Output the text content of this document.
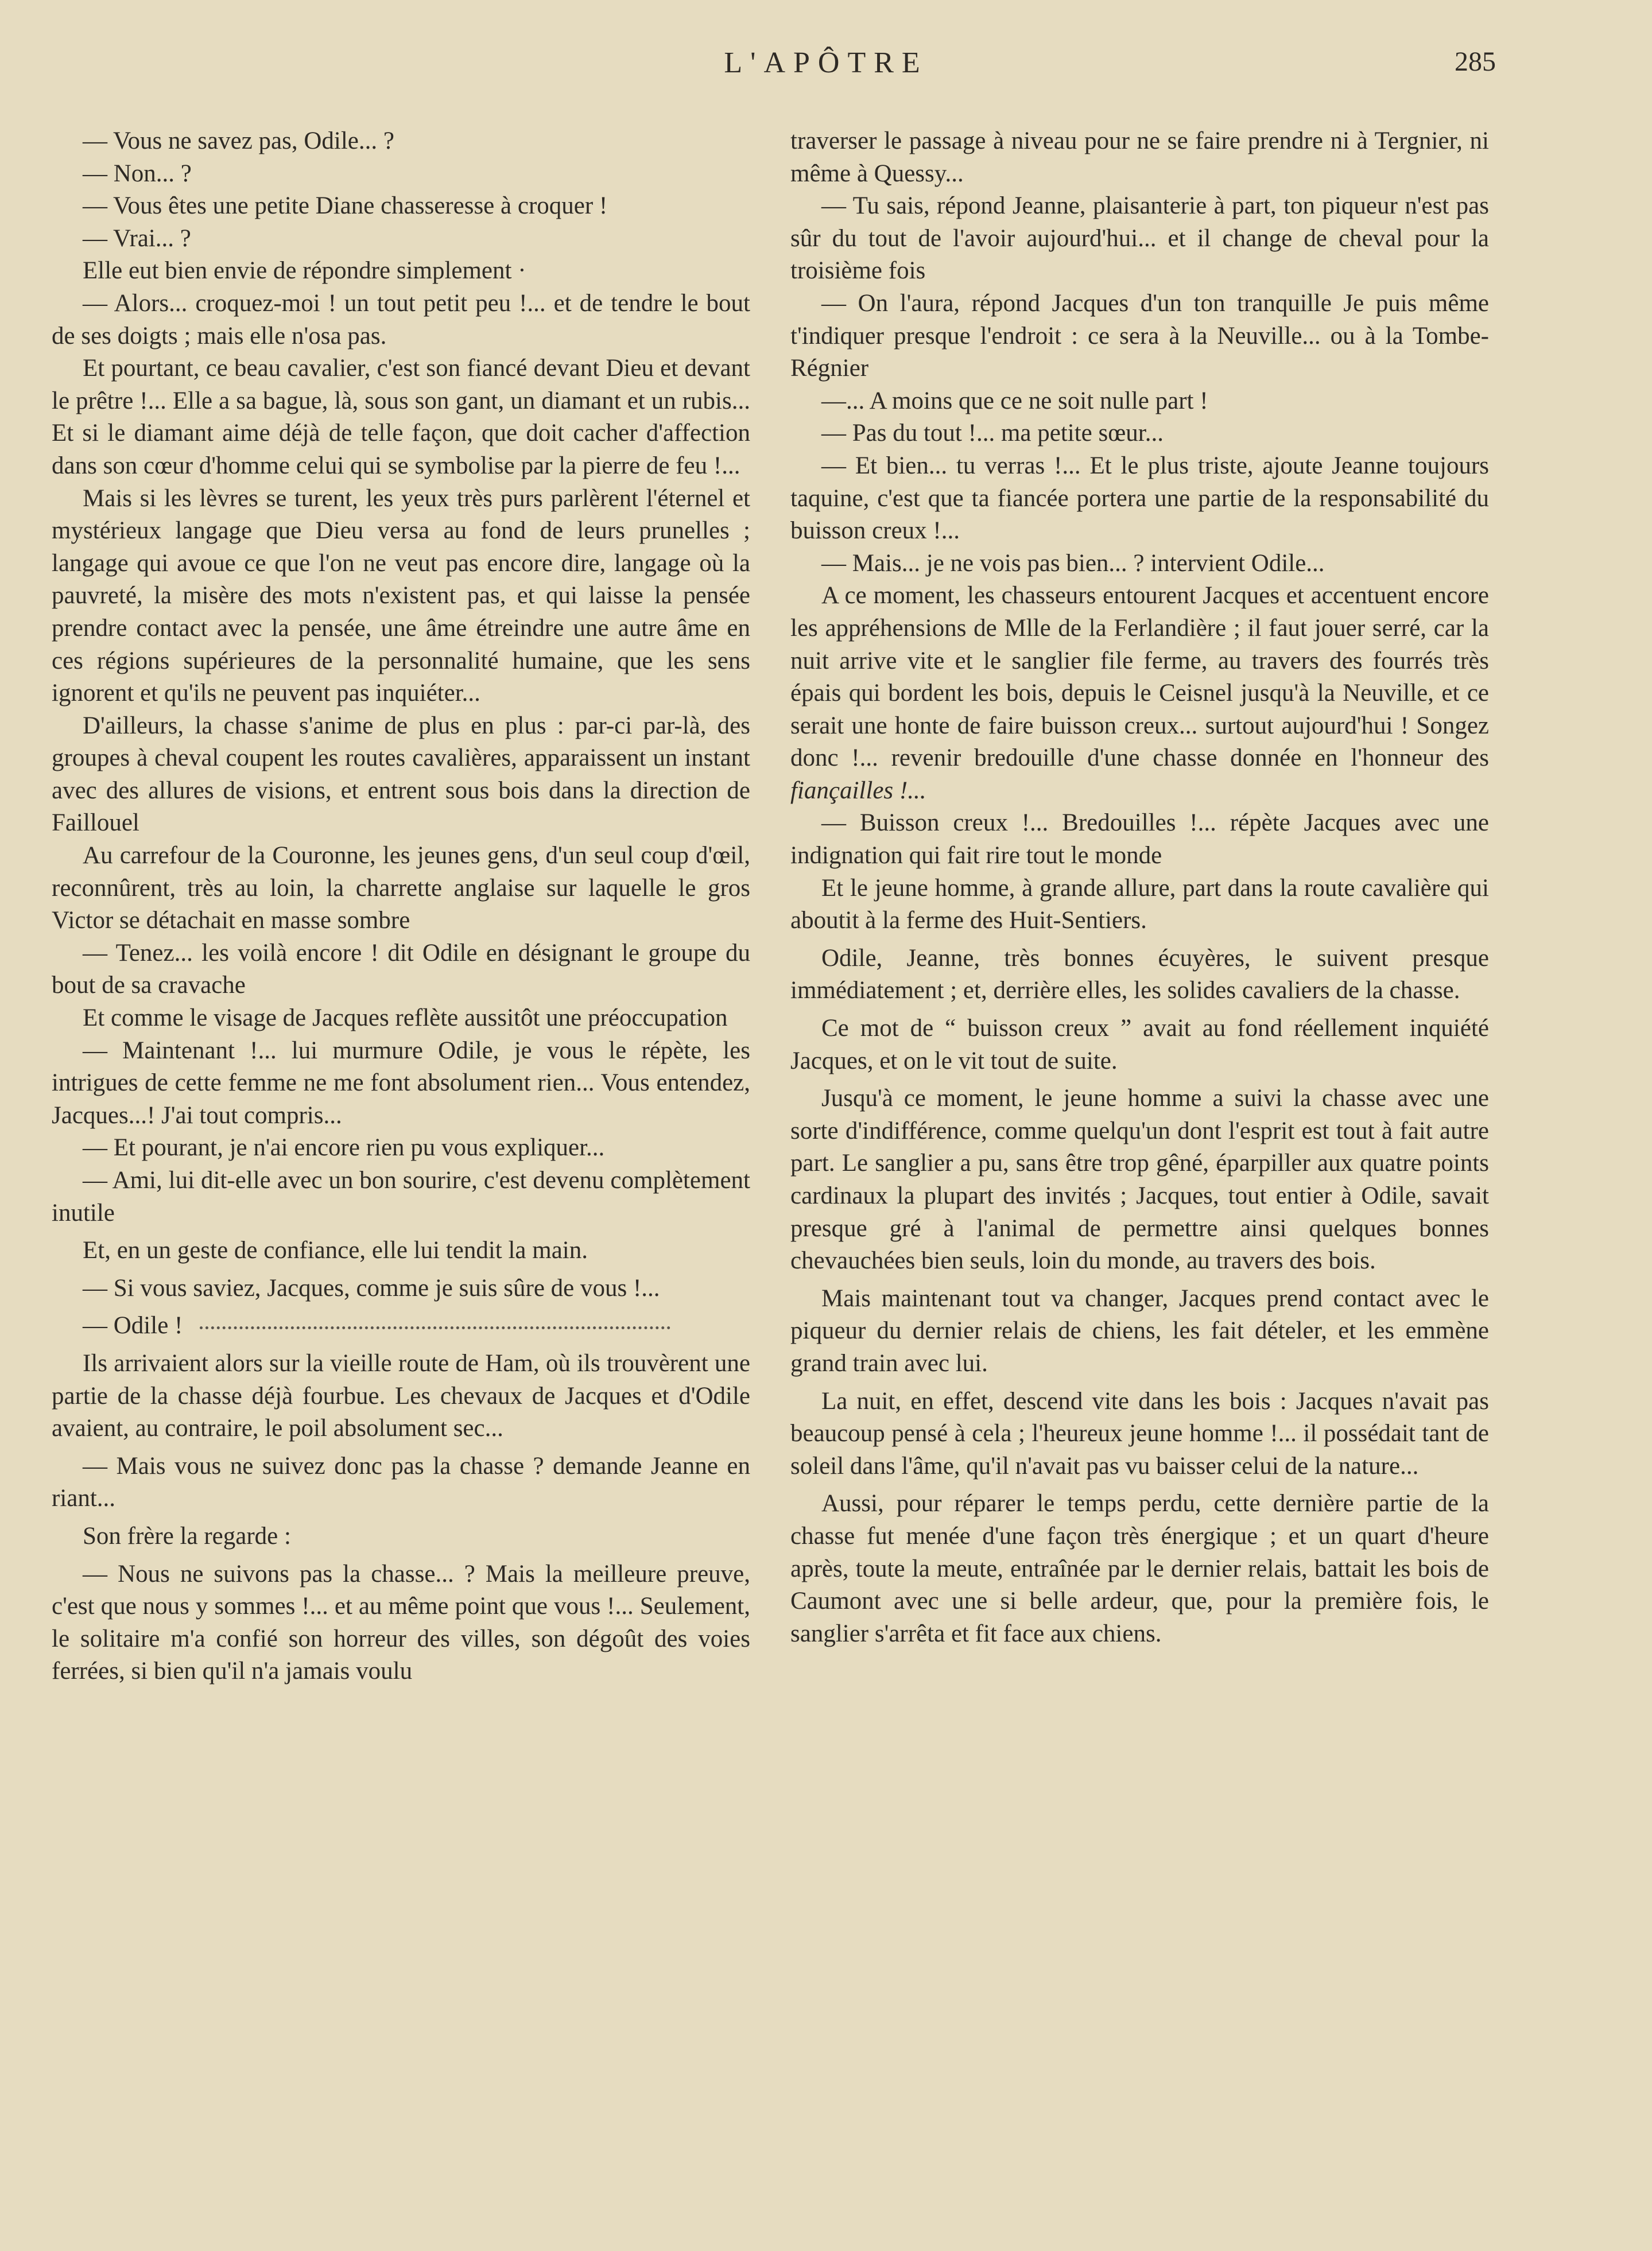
L'APÔTRE	285

— Vous ne savez pas, Odile... ?

— Non... ?

— Vous êtes une petite Diane chasseresse à croquer !

— Vrai... ?

Elle eut bien envie de répondre simplement ·

— Alors... croquez-moi ! un tout petit peu !... et de tendre le bout de ses doigts ; mais elle n'osa pas.

Et pourtant, ce beau cavalier, c'est son fiancé devant Dieu et devant le prêtre !... Elle a sa bague, là, sous son gant, un diamant et un rubis... Et si le diamant aime déjà de telle façon, que doit cacher d'affection dans son cœur d'homme celui qui se symbolise par la pierre de feu !...

Mais si les lèvres se turent, les yeux très purs parlèrent l'éternel et mystérieux langage que Dieu versa au fond de leurs prunelles ; langage qui avoue ce que l'on ne veut pas encore dire, langage où la pauvreté, la misère des mots n'existent pas, et qui laisse la pensée prendre contact avec la pensée, une âme étreindre une autre âme en ces régions supérieures de la personnalité humaine, que les sens ignorent et qu'ils ne peuvent pas inquiéter...

D'ailleurs, la chasse s'anime de plus en plus : par-ci par-là, des groupes à cheval coupent les routes cavalières, apparaissent un instant avec des allures de visions, et entrent sous bois dans la direction de Faillouel

Au carrefour de la Couronne, les jeunes gens, d'un seul coup d'œil, reconnûrent, très au loin, la charrette anglaise sur laquelle le gros Victor se détachait en masse sombre

— Tenez... les voilà encore ! dit Odile en désignant le groupe du bout de sa cravache

Et comme le visage de Jacques reflète aussitôt une préoccupation

— Maintenant !... lui murmure Odile, je vous le répète, les intrigues de cette femme ne me font absolument rien... Vous entendez, Jacques...! J'ai tout compris...

— Et pourant, je n'ai encore rien pu vous expliquer...

— Ami, lui dit-elle avec un bon sourire, c'est devenu complètement inutile

Et, en un geste de confiance, elle lui tendit la main.

— Si vous saviez, Jacques, comme je suis sûre de vous !...

— Odile !

Ils arrivaient alors sur la vieille route de Ham, où ils trouvèrent une partie de la chasse déjà fourbue. Les chevaux de Jacques et d'Odile avaient, au contraire, le poil absolument sec...

— Mais vous ne suivez donc pas la chasse ? demande Jeanne en riant...

Son frère la regarde :

— Nous ne suivons pas la chasse... ? Mais la meilleure preuve, c'est que nous y sommes !... et au même point que vous !... Seulement, le solitaire m'a confié son horreur des villes, son dégoût des voies ferrées, si bien qu'il n'a jamais voulu

traverser le passage à niveau pour ne se faire prendre ni à Tergnier, ni même à Quessy...

— Tu sais, répond Jeanne, plaisanterie à part, ton piqueur n'est pas sûr du tout de l'avoir aujourd'hui... et il change de cheval pour la troisième fois

— On l'aura, répond Jacques d'un ton tranquille Je puis même t'indiquer presque l'endroit : ce sera à la Neuville... ou à la Tombe-Régnier

—... A moins que ce ne soit nulle part !

— Pas du tout !... ma petite sœur...

— Et bien... tu verras !... Et le plus triste, ajoute Jeanne toujours taquine, c'est que ta fiancée portera une partie de la responsabilité du buisson creux !...

— Mais... je ne vois pas bien... ? intervient Odile...

A ce moment, les chasseurs entourent Jacques et accentuent encore les appréhensions de Mlle de la Ferlandière ; il faut jouer serré, car la nuit arrive vite et le sanglier file ferme, au travers des fourrés très épais qui bordent les bois, depuis le Ceisnel jusqu'à la Neuville, et ce serait une honte de faire buisson creux... surtout aujourd'hui ! Songez donc !... revenir bredouille d'une chasse donnée en l'honneur des fiançailles !...

— Buisson creux !... Bredouilles !... répète Jacques avec une indignation qui fait rire tout le monde

Et le jeune homme, à grande allure, part dans la route cavalière qui aboutit à la ferme des Huit-Sentiers.

Odile, Jeanne, très bonnes écuyères, le suivent presque immédiatement ; et, derrière elles, les solides cavaliers de la chasse.

Ce mot de “ buisson creux ” avait au fond réellement inquiété Jacques, et on le vit tout de suite.

Jusqu'à ce moment, le jeune homme a suivi la chasse avec une sorte d'indifférence, comme quelqu'un dont l'esprit est tout à fait autre part. Le sanglier a pu, sans être trop gêné, éparpiller aux quatre points cardinaux la plupart des invités ; Jacques, tout entier à Odile, savait presque gré à l'animal de permettre ainsi quelques bonnes chevauchées bien seuls, loin du monde, au travers des bois.

Mais maintenant tout va changer, Jacques prend contact avec le piqueur du dernier relais de chiens, les fait dételer, et les emmène grand train avec lui.

La nuit, en effet, descend vite dans les bois : Jacques n'avait pas beaucoup pensé à cela ; l'heureux jeune homme !... il possédait tant de soleil dans l'âme, qu'il n'avait pas vu baisser celui de la nature...

Aussi, pour réparer le temps perdu, cette dernière partie de la chasse fut menée d'une façon très énergique ; et un quart d'heure après, toute la meute, entraînée par le dernier relais, battait les bois de Caumont avec une si belle ardeur, que, pour la première fois, le sanglier s'arrêta et fit face aux chiens.
